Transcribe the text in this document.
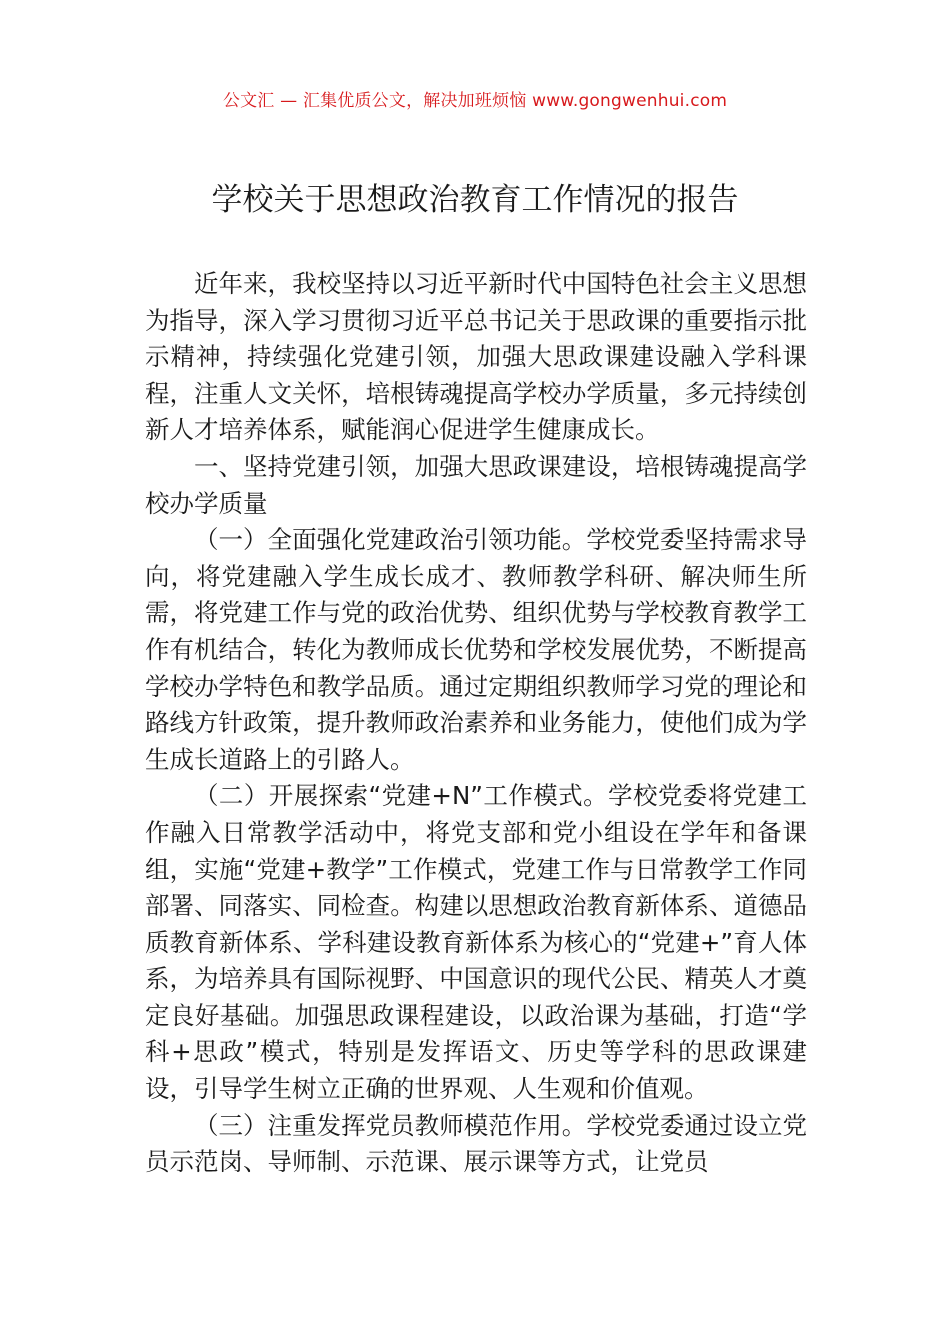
公文汇 — 汇集优质公文，解决加班烦恼 www.gongwenhui.com
学校关于思想政治教育工作情况的报告

近年来，我校坚持以习近平新时代中国特色社会主义思想为指导，深入学习贯彻习近平总书记关于思政课的重要指示批示精神，持续强化党建引领，加强大思政课建设融入学科课程，注重人文关怀，培根铸魂提高学校办学质量，多元持续创新人才培养体系，赋能润心促进学生健康成长。

一、坚持党建引领，加强大思政课建设，培根铸魂提高学校办学质量

（一）全面强化党建政治引领功能。学校党委坚持需求导向，将党建融入学生成长成才、教师教学科研、解决师生所需，将党建工作与党的政治优势、组织优势与学校教育教学工作有机结合，转化为教师成长优势和学校发展优势，不断提高学校办学特色和教学品质。通过定期组织教师学习党的理论和路线方针政策，提升教师政治素养和业务能力，使他们成为学生成长道路上的引路人。

（二）开展探索“党建+N”工作模式。学校党委将党建工作融入日常教学活动中，将党支部和党小组设在学年和备课组，实施“党建+教学”工作模式，党建工作与日常教学工作同部署、同落实、同检查。构建以思想政治教育新体系、道德品质教育新体系、学科建设教育新体系为核心的“党建+”育人体系，为培养具有国际视野、中国意识的现代公民、精英人才奠定良好基础。加强思政课程建设，以政治课为基础，打造“学科+思政”模式，特别是发挥语文、历史等学科的思政课建设，引导学生树立正确的世界观、人生观和价值观。

（三）注重发挥党员教师模范作用。学校党委通过设立党员示范岗、导师制、示范课、展示课等方式，让党员
